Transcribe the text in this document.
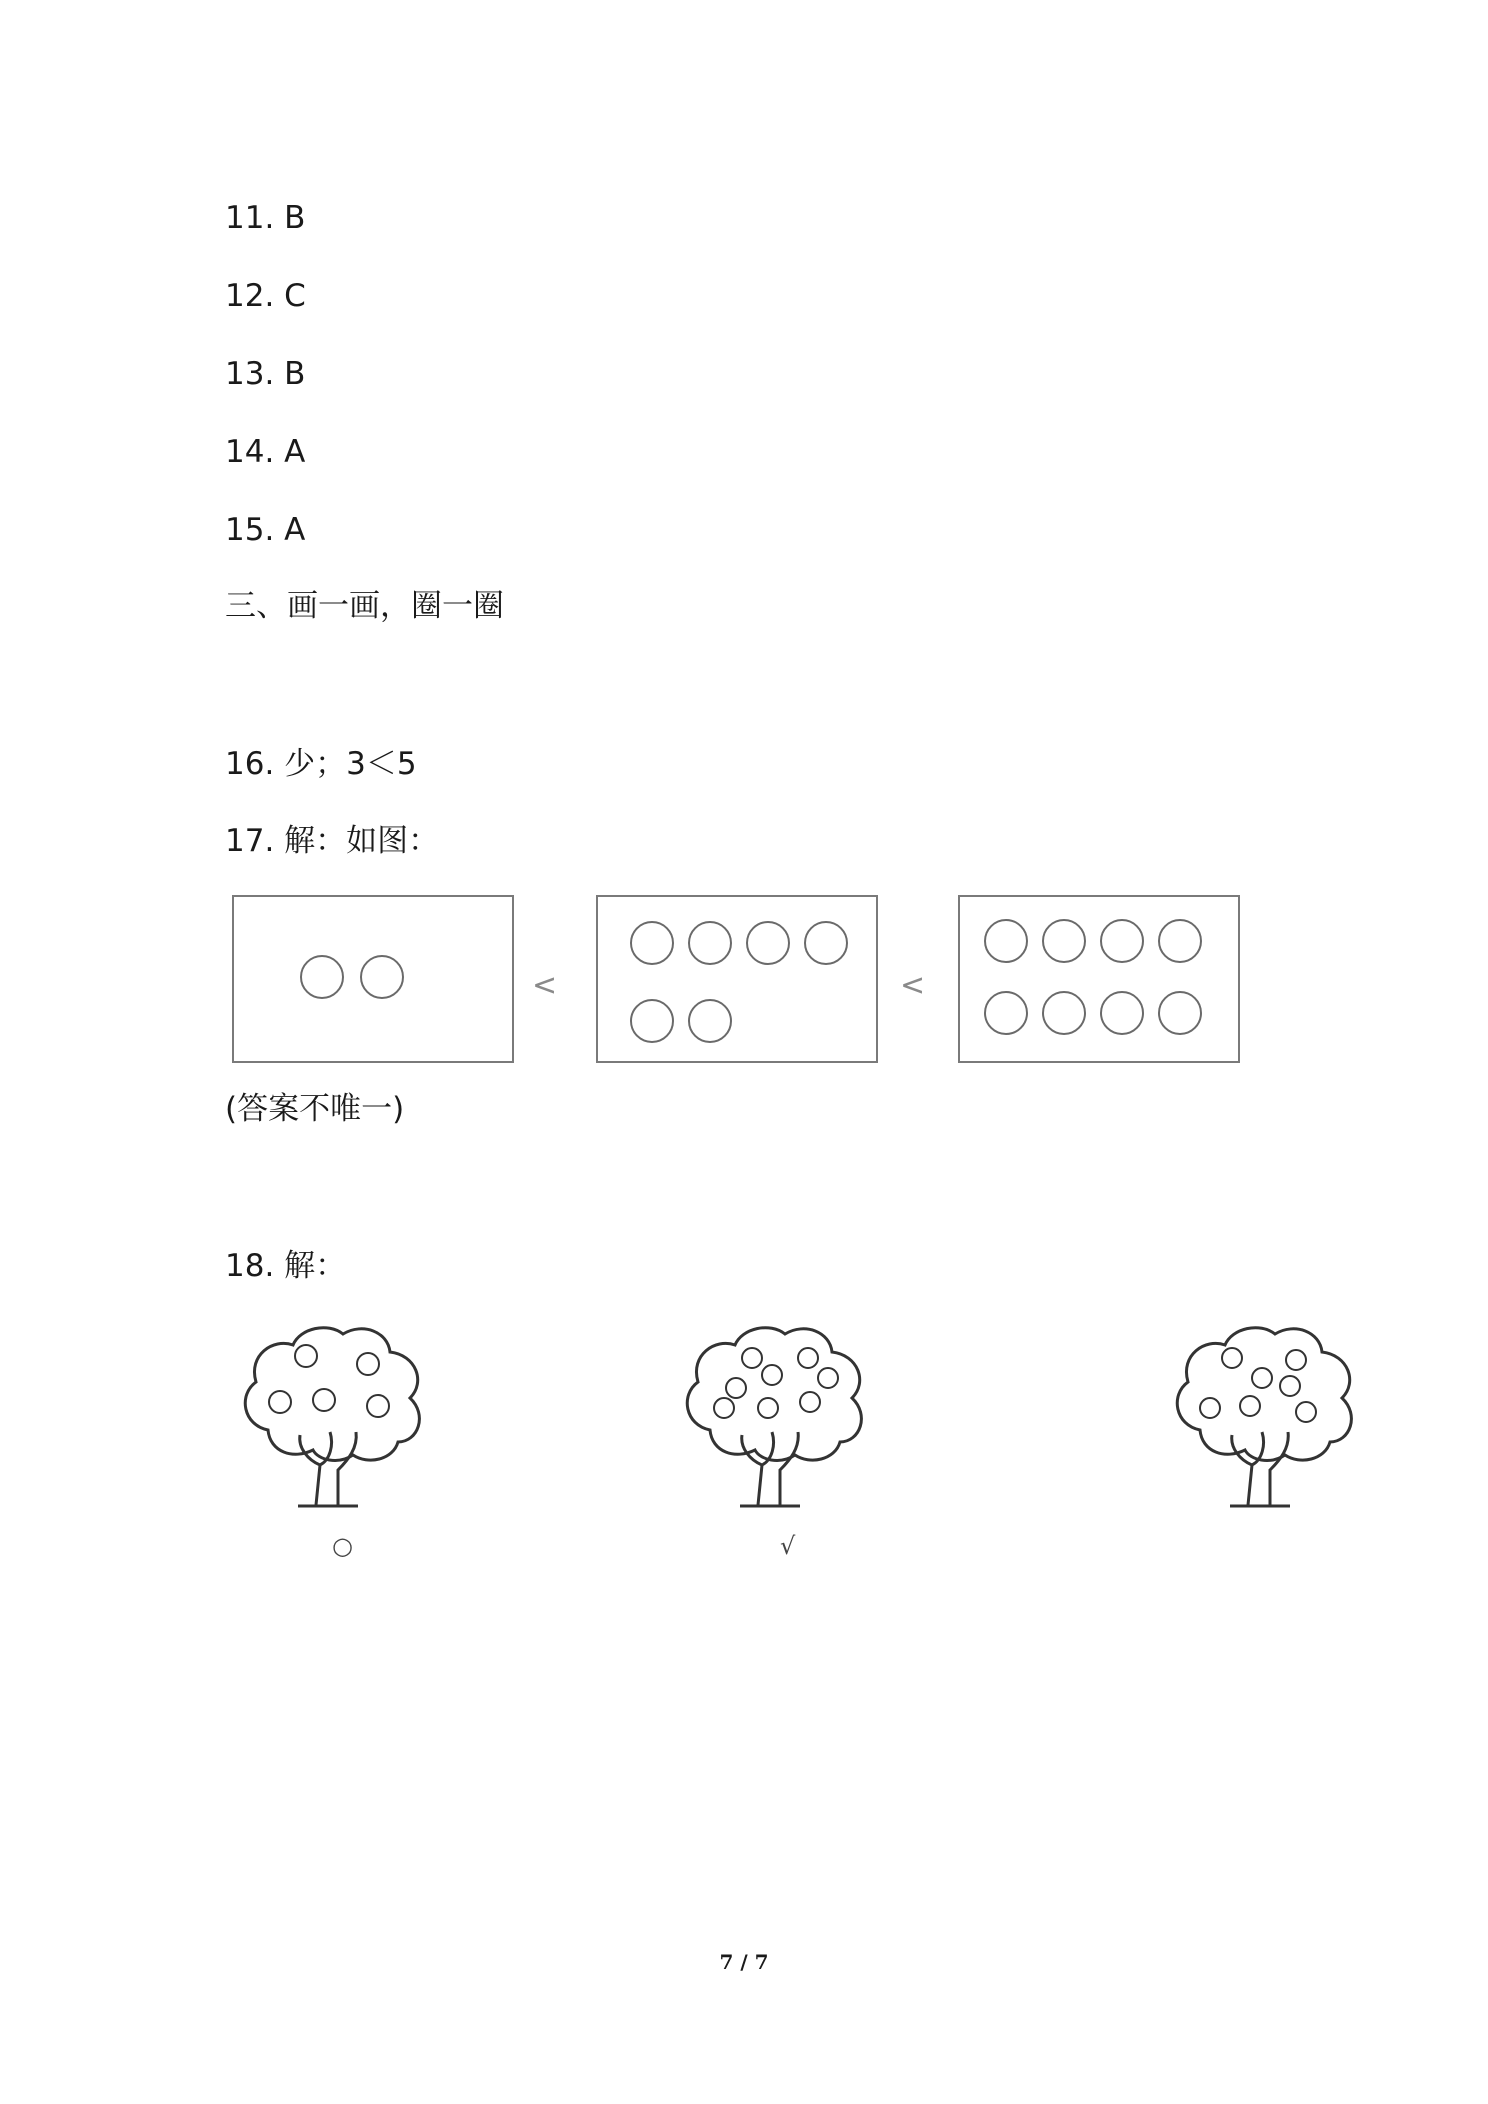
11. B
12. C
13. B
14. A
15. A
三、画一画，圈一圈
16. 少；3＜5
17. 解：如图：
<	<
(答案不唯一)
18. 解：
○	√
7 / 7
